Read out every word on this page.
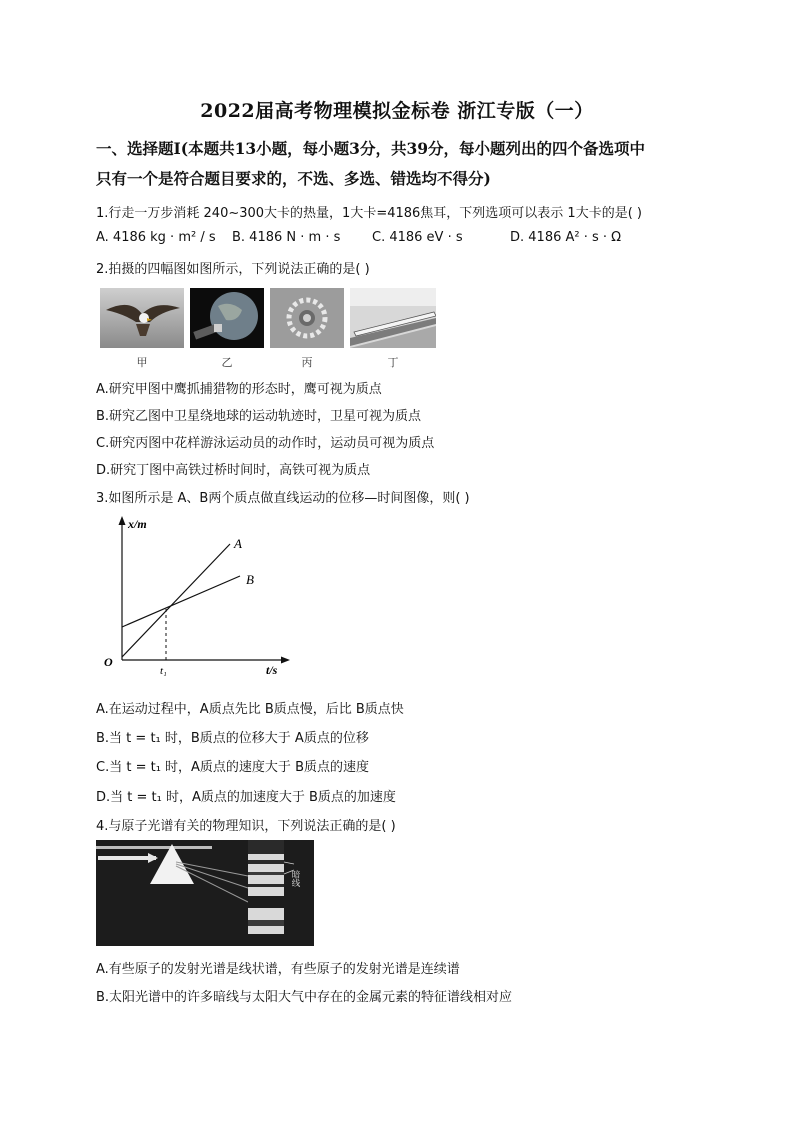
2022届高考物理模拟金标卷 浙江专版（一）
一、选择题Ⅰ(本题共13小题，每小题3分，共39分，每小题列出的四个备选项中
只有一个是符合题目要求的，不选、多选、错选均不得分)
1.行走一万步消耗 240~300大卡的热量，1大卡=4186焦耳，下列选项可以表示 1大卡的是( )
A. 4186 kg · m² / s B. 4186 N · m · s C. 4186 eV · s	D. 4186 A² · s · Ω
2.拍摄的四幅图如图所示，下列说法正确的是( )
甲	乙	丙	丁
A.研究甲图中鹰抓捕猎物的形态时，鹰可视为质点
B.研究乙图中卫星绕地球的运动轨迹时，卫星可视为质点
C.研究丙图中花样游泳运动员的动作时，运动员可视为质点
D.研究丁图中高铁过桥时间时，高铁可视为质点
3.如图所示是 A、B两个质点做直线运动的位移—时间图像，则( )
x/m
t/s
O
t₁
A
B
A.在运动过程中，A质点先比 B质点慢，后比 B质点快
B.当 t = t₁ 时，B质点的位移大于 A质点的位移
C.当 t = t₁ 时，A质点的速度大于 B质点的速度
D.当 t = t₁ 时，A质点的加速度大于 B质点的加速度
4.与原子光谱有关的物理知识，下列说法正确的是( )
暗线
A.有些原子的发射光谱是线状谱，有些原子的发射光谱是连续谱
B.太阳光谱中的许多暗线与太阳大气中存在的金属元素的特征谱线相对应
